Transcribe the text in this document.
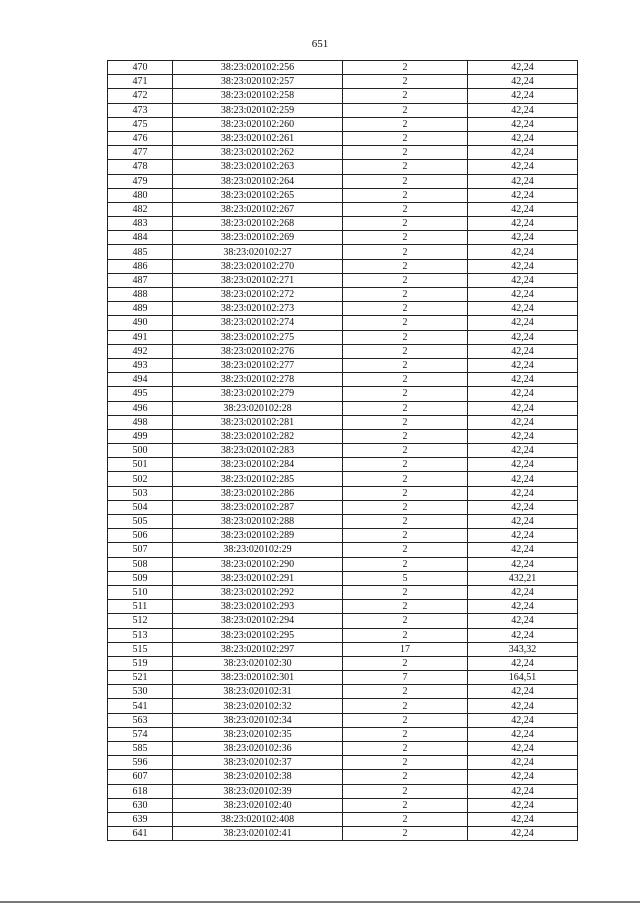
651
470	38:23:020102:256	2	42,24
471	38:23:020102:257	2	42,24
472	38:23:020102:258	2	42,24
473	38:23:020102:259	2	42,24
475	38:23:020102:260	2	42,24
476	38:23:020102:261	2	42,24
477	38:23:020102:262	2	42,24
478	38:23:020102:263	2	42,24
479	38:23:020102:264	2	42,24
480	38:23:020102:265	2	42,24
482	38:23:020102:267	2	42,24
483	38:23:020102:268	2	42,24
484	38:23:020102:269	2	42,24
485	38:23:020102:27	2	42,24
486	38:23:020102:270	2	42,24
487	38:23:020102:271	2	42,24
488	38:23:020102:272	2	42,24
489	38:23:020102:273	2	42,24
490	38:23:020102:274	2	42,24
491	38:23:020102:275	2	42,24
492	38:23:020102:276	2	42,24
493	38:23:020102:277	2	42,24
494	38:23:020102:278	2	42,24
495	38:23:020102:279	2	42,24
496	38:23:020102:28	2	42,24
498	38:23:020102:281	2	42,24
499	38:23:020102:282	2	42,24
500	38:23:020102:283	2	42,24
501	38:23:020102:284	2	42,24
502	38:23:020102:285	2	42,24
503	38:23:020102:286	2	42,24
504	38:23:020102:287	2	42,24
505	38:23:020102:288	2	42,24
506	38:23:020102:289	2	42,24
507	38:23:020102:29	2	42,24
508	38:23:020102:290	2	42,24
509	38:23:020102:291	5	432,21
510	38:23:020102:292	2	42,24
511	38:23:020102:293	2	42,24
512	38:23:020102:294	2	42,24
513	38:23:020102:295	2	42,24
515	38:23:020102:297	17	343,32
519	38:23:020102:30	2	42,24
521	38:23:020102:301	7	164,51
530	38:23:020102:31	2	42,24
541	38:23:020102:32	2	42,24
563	38:23:020102:34	2	42,24
574	38:23:020102:35	2	42,24
585	38:23:020102:36	2	42,24
596	38:23:020102:37	2	42,24
607	38:23:020102:38	2	42,24
618	38:23:020102:39	2	42,24
630	38:23:020102:40	2	42,24
639	38:23:020102:408	2	42,24
641	38:23:020102:41	2	42,24
